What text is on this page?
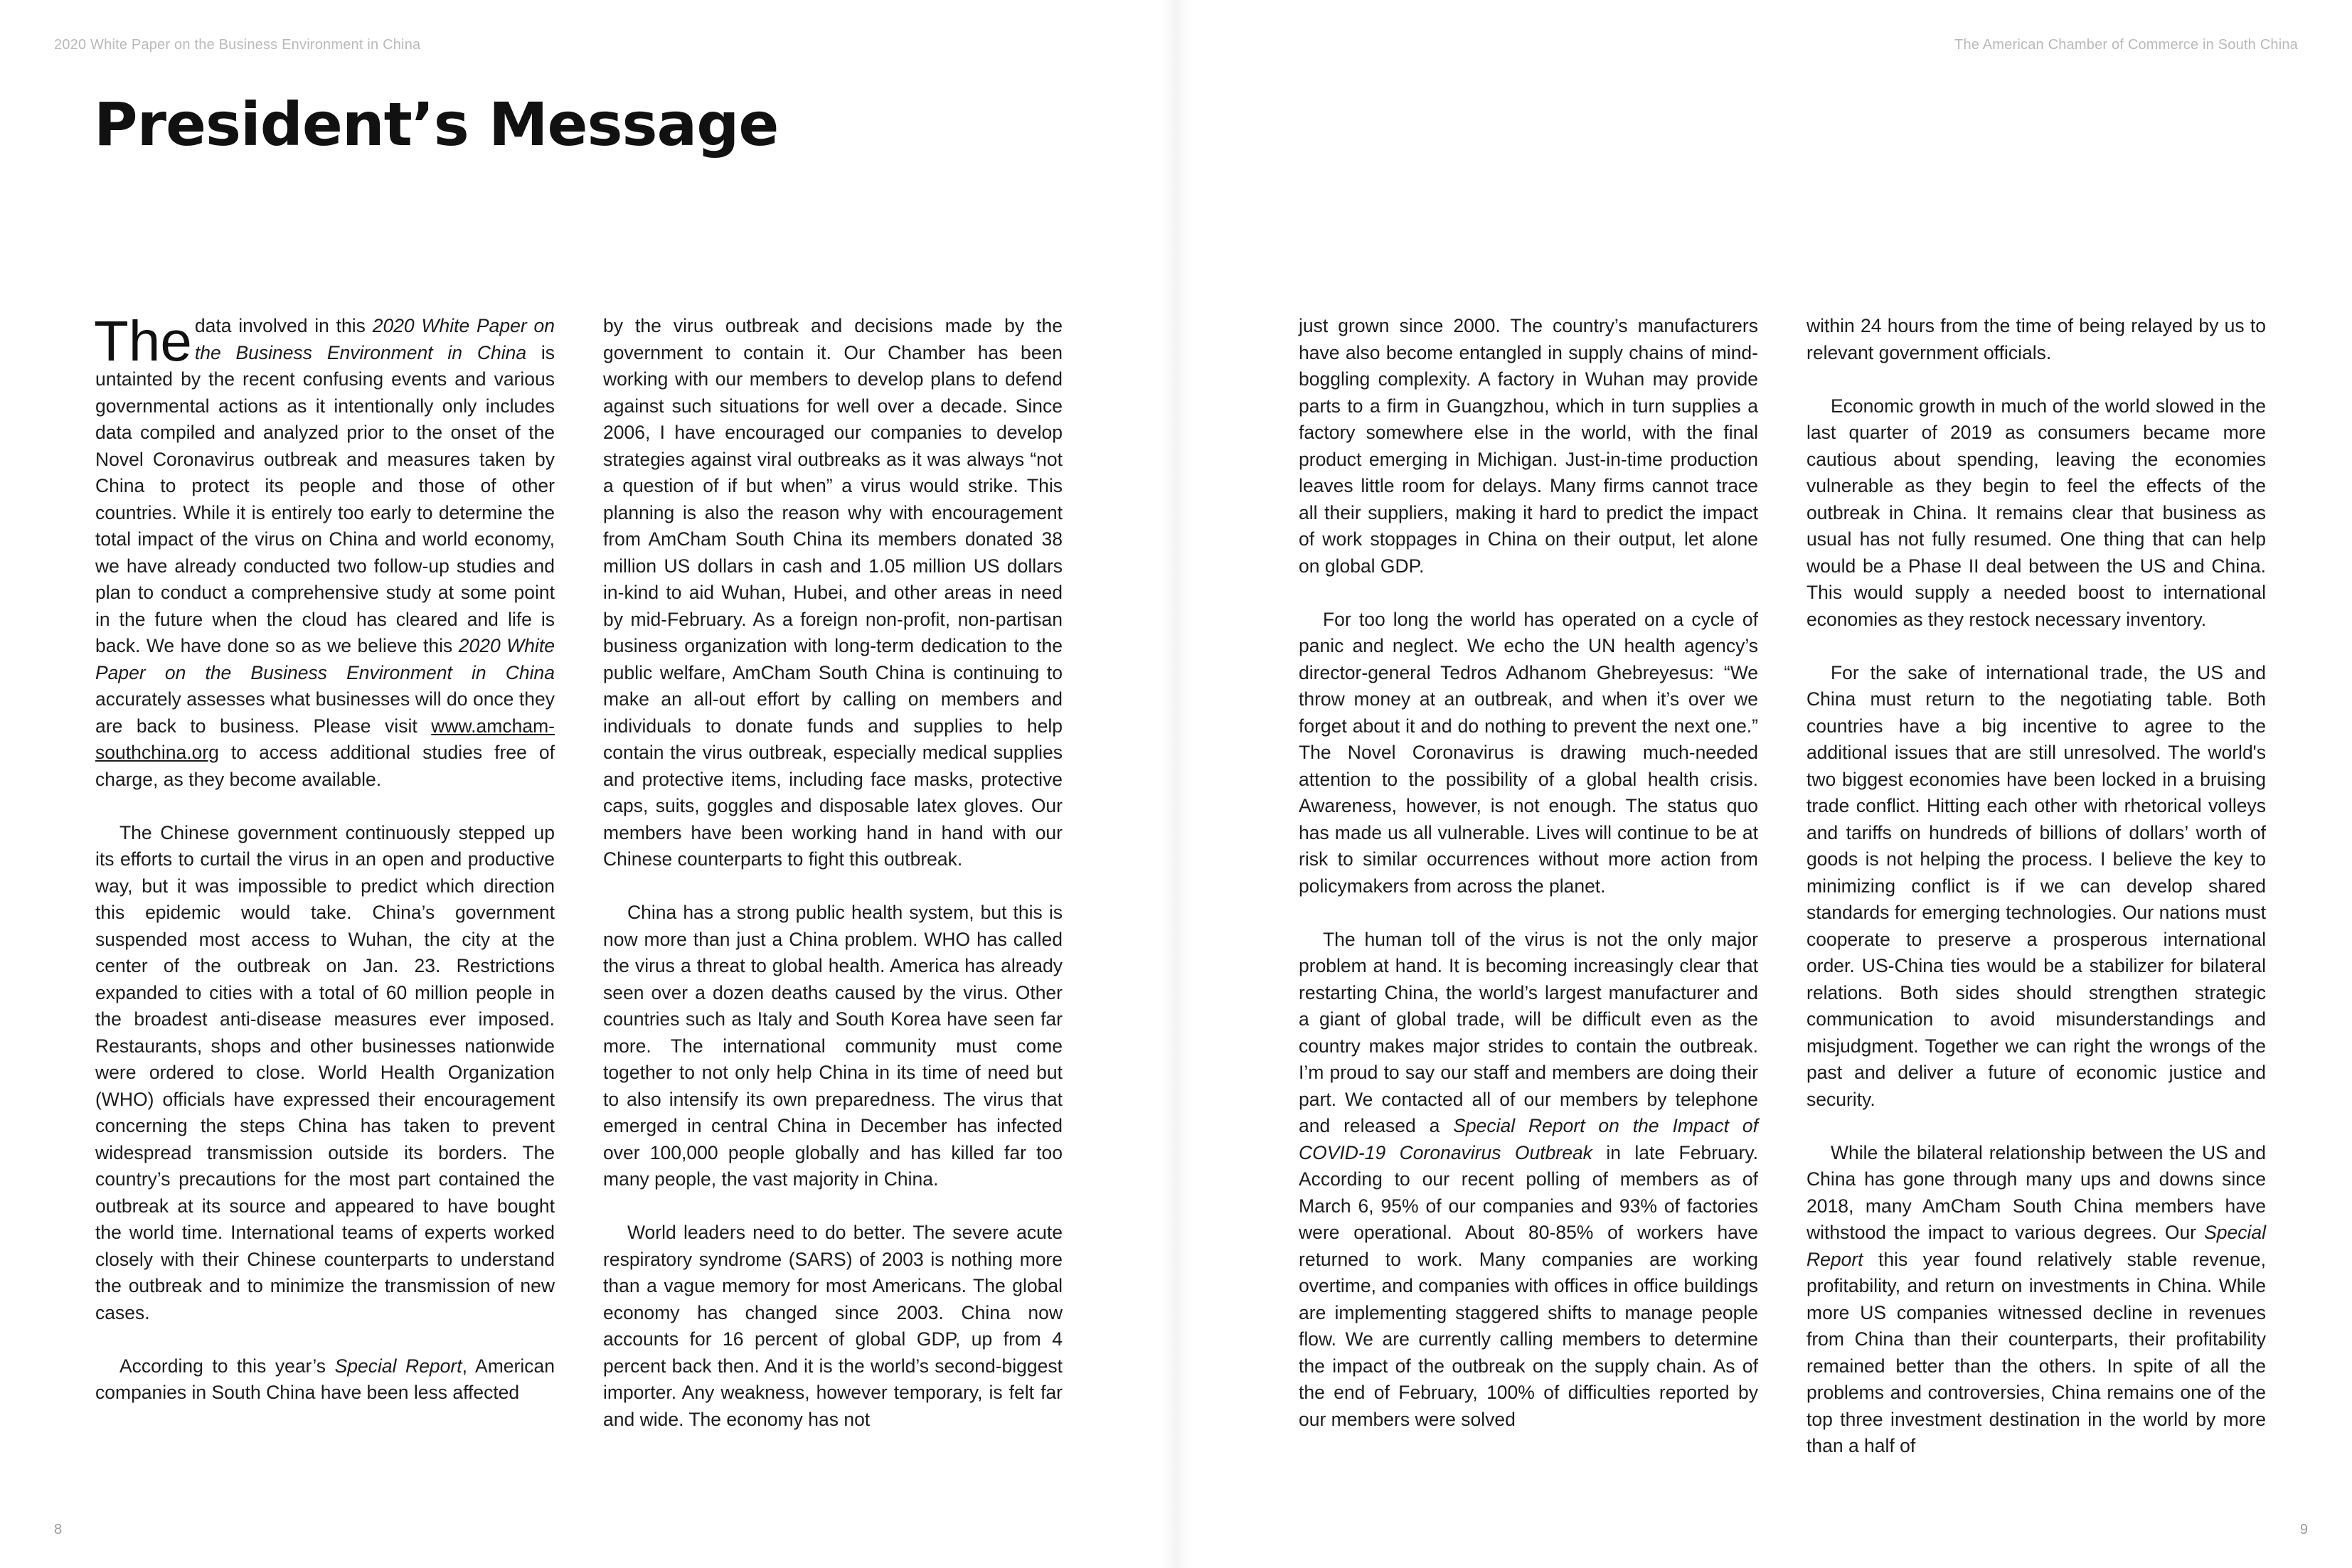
2020 White Paper on the Business Environment in China
President’s Message

The data involved in this 2020 White Paper on the Business Environment in China is untainted by the recent confusing events and various governmental actions as it intentionally only includes data compiled and analyzed prior to the onset of the Novel Coronavirus outbreak and measures taken by China to protect its people and those of other countries. While it is entirely too early to determine the total impact of the virus on China and world economy, we have already conducted two follow-up studies and plan to conduct a comprehensive study at some point in the future when the cloud has cleared and life is back. We have done so as we believe this 2020 White Paper on the Business Environment in China accurately assesses what businesses will do once they are back to business. Please visit www.amcham-southchina.org to access additional studies free of charge, as they become available.

The Chinese government continuously stepped up its efforts to curtail the virus in an open and productive way, but it was impossible to predict which direction this epidemic would take. China’s government suspended most access to Wuhan, the city at the center of the outbreak on Jan. 23. Restrictions expanded to cities with a total of 60 million people in the broadest anti-disease measures ever imposed. Restaurants, shops and other businesses nationwide were ordered to close. World Health Organization (WHO) officials have expressed their encouragement concerning the steps China has taken to prevent widespread transmission outside its borders. The country’s precautions for the most part contained the outbreak at its source and appeared to have bought the world time. International teams of experts worked closely with their Chinese counterparts to understand the outbreak and to minimize the transmission of new cases.

According to this year’s Special Report, American companies in South China have been less affected

by the virus outbreak and decisions made by the government to contain it. Our Chamber has been working with our members to develop plans to defend against such situations for well over a decade. Since 2006, I have encouraged our companies to develop strategies against viral outbreaks as it was always “not a question of if but when” a virus would strike. This planning is also the reason why with encouragement from AmCham South China its members donated 38 million US dollars in cash and 1.05 million US dollars in-kind to aid Wuhan, Hubei, and other areas in need by mid-February. As a foreign non-profit, non-partisan business organization with long-term dedication to the public welfare, AmCham South China is continuing to make an all-out effort by calling on members and individuals to donate funds and supplies to help contain the virus outbreak, especially medical supplies and protective items, including face masks, protective caps, suits, goggles and disposable latex gloves. Our members have been working hand in hand with our Chinese counterparts to fight this outbreak.

China has a strong public health system, but this is now more than just a China problem. WHO has called the virus a threat to global health. America has already seen over a dozen deaths caused by the virus. Other countries such as Italy and South Korea have seen far more. The international community must come together to not only help China in its time of need but to also intensify its own preparedness. The virus that emerged in central China in December has infected over 100,000 people globally and has killed far too many people, the vast majority in China.

World leaders need to do better. The severe acute respiratory syndrome (SARS) of 2003 is nothing more than a vague memory for most Americans. The global economy has changed since 2003. China now accounts for 16 percent of global GDP, up from 4 percent back then. And it is the world’s second-biggest importer. Any weakness, however temporary, is felt far and wide. The economy has not

8
The American Chamber of Commerce in South China

just grown since 2000. The country’s manufacturers have also become entangled in supply chains of mind-boggling complexity. A factory in Wuhan may provide parts to a firm in Guangzhou, which in turn supplies a factory somewhere else in the world, with the final product emerging in Michigan. Just-in-time production leaves little room for delays. Many firms cannot trace all their suppliers, making it hard to predict the impact of work stoppages in China on their output, let alone on global GDP.

For too long the world has operated on a cycle of panic and neglect. We echo the UN health agency’s director-general Tedros Adhanom Ghebreyesus: “We throw money at an outbreak, and when it’s over we forget about it and do nothing to prevent the next one.” The Novel Coronavirus is drawing much-needed attention to the possibility of a global health crisis. Awareness, however, is not enough. The status quo has made us all vulnerable. Lives will continue to be at risk to similar occurrences without more action from policymakers from across the planet.

The human toll of the virus is not the only major problem at hand. It is becoming increasingly clear that restarting China, the world’s largest manufacturer and a giant of global trade, will be difficult even as the country makes major strides to contain the outbreak. I’m proud to say our staff and members are doing their part. We contacted all of our members by telephone and released a Special Report on the Impact of COVID-19 Coronavirus Outbreak in late February. According to our recent polling of members as of March 6, 95% of our companies and 93% of factories were operational. About 80-85% of workers have returned to work. Many companies are working overtime, and companies with offices in office buildings are implementing staggered shifts to manage people flow. We are currently calling members to determine the impact of the outbreak on the supply chain. As of the end of February, 100% of difficulties reported by our members were solved

within 24 hours from the time of being relayed by us to relevant government officials.

Economic growth in much of the world slowed in the last quarter of 2019 as consumers became more cautious about spending, leaving the economies vulnerable as they begin to feel the effects of the outbreak in China. It remains clear that business as usual has not fully resumed. One thing that can help would be a Phase II deal between the US and China. This would supply a needed boost to international economies as they restock necessary inventory.

For the sake of international trade, the US and China must return to the negotiating table. Both countries have a big incentive to agree to the additional issues that are still unresolved. The world's two biggest economies have been locked in a bruising trade conflict. Hitting each other with rhetorical volleys and tariffs on hundreds of billions of dollars’ worth of goods is not helping the process. I believe the key to minimizing conflict is if we can develop shared standards for emerging technologies. Our nations must cooperate to preserve a prosperous international order. US-China ties would be a stabilizer for bilateral relations. Both sides should strengthen strategic communication to avoid misunderstandings and misjudgment. Together we can right the wrongs of the past and deliver a future of economic justice and security.

While the bilateral relationship between the US and China has gone through many ups and downs since 2018, many AmCham South China members have withstood the impact to various degrees. Our Special Report this year found relatively stable revenue, profitability, and return on investments in China. While more US companies witnessed decline in revenues from China than their counterparts, their profitability remained better than the others. In spite of all the problems and controversies, China remains one of the top three investment destination in the world by more than a half of

9
